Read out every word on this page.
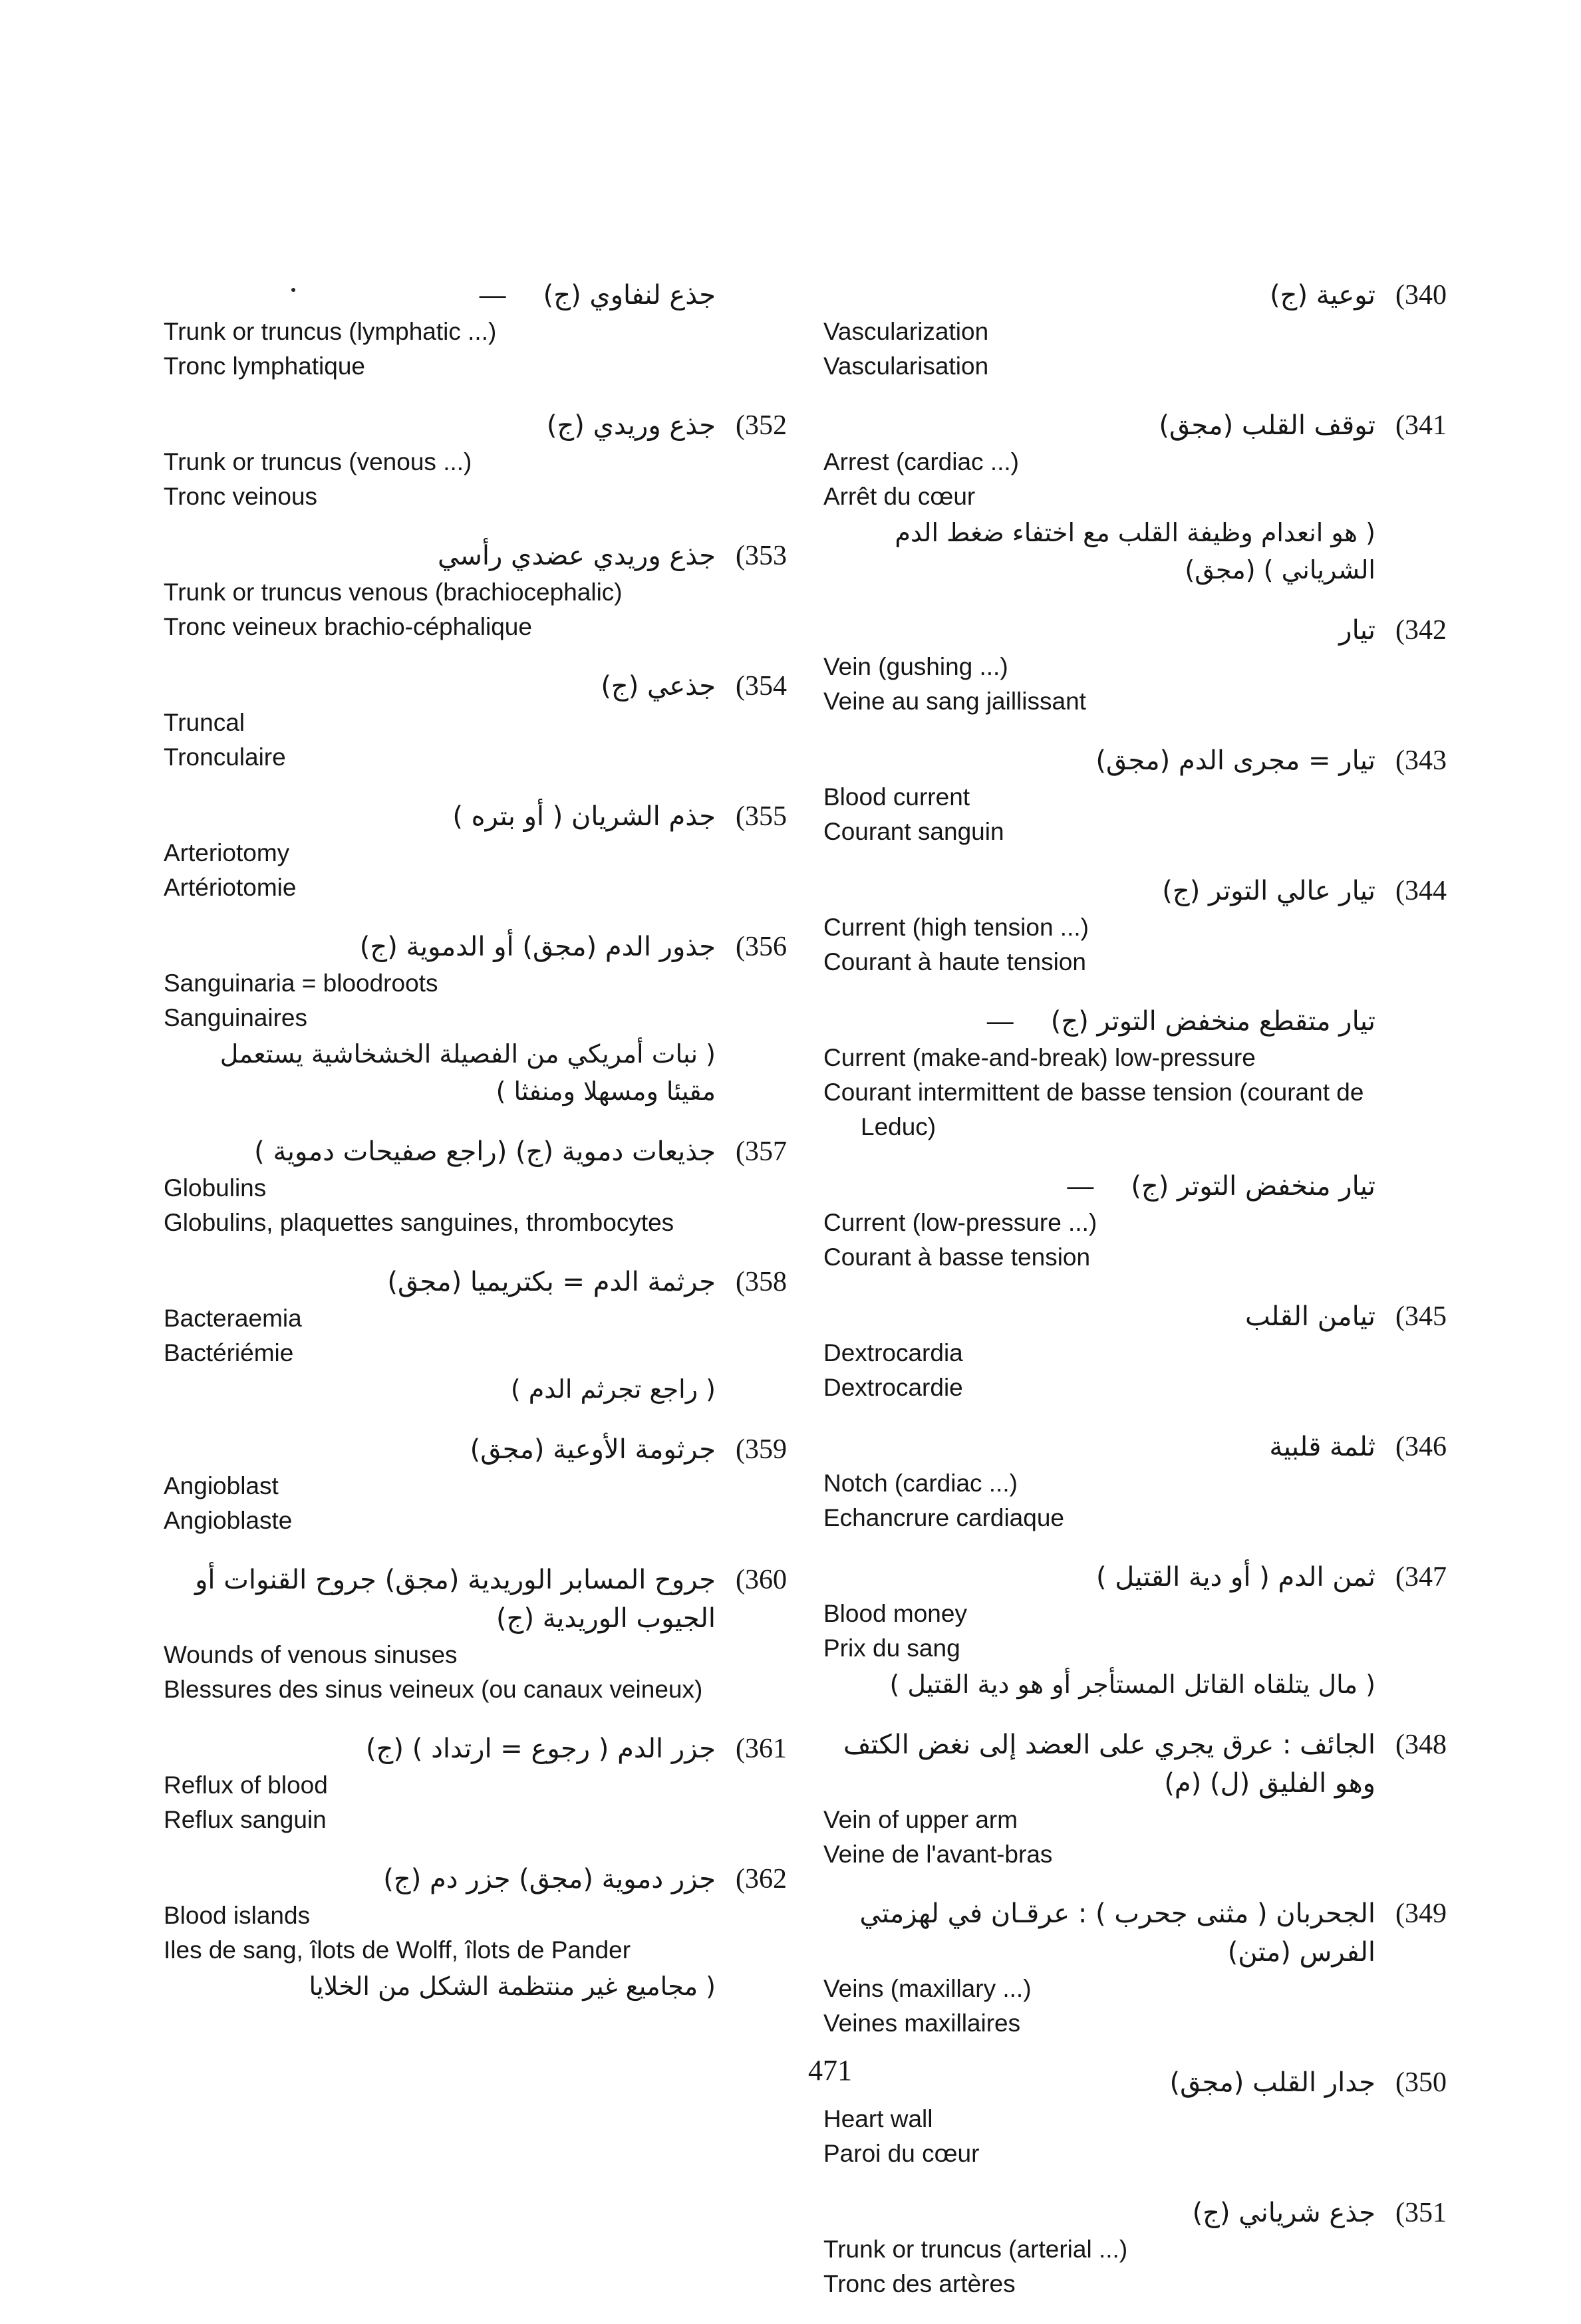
جذع لنفاوي (ج)—
Trunk or truncus (lymphatic ...)
Tronc lymphatique
(352
جذع وريدي (ج)
Trunk or truncus (venous ...)
Tronc veinous
(353
جذع وريدي عضدي رأسي
Trunk or truncus venous (brachiocephalic)
Tronc veineux brachio-céphalique
(354
جذعي (ج)
Truncal
Tronculaire
(355
جذم الشريان ( أو بتره )
Arteriotomy
Artériotomie
(356
جذور الدم (مجق) أو الدموية (ج)
Sanguinaria = bloodroots
Sanguinaires
( نبات أمريكي من الفصيلة الخشخاشية يستعمل مقيئا ومسهلا ومنفثا )
(357
جذيعات دموية (ج) (راجع صفيحات دموية )
Globulins
Globulins, plaquettes sanguines, thrombocytes
(358
جرثمة الدم = بكتريميا (مجق)
Bacteraemia
Bactériémie
( راجع تجرثم الدم )
(359
جرثومة الأوعية (مجق)
Angioblast
Angioblaste
(360
جروح المسابر الوريدية (مجق) جروح القنوات أو الجيوب الوريدية (ج)
Wounds of venous sinuses
Blessures des sinus veineux (ou canaux veineux)
(361
جزر الدم ( رجوع = ارتداد ) (ج)
Reflux of blood
Reflux sanguin
(362
جزر دموية (مجق) جزر دم (ج)
Blood islands
Iles de sang, îlots de Wolff, îlots de Pander
( مجاميع غير منتظمة الشكل من الخلايا
(340
توعية (ج)
Vascularization
Vascularisation
(341
توقف القلب (مجق)
Arrest (cardiac ...)
Arrêt du cœur
( هو انعدام وظيفة القلب مع اختفاء ضغط الدم الشرياني ) (مجق)
(342
تيار
Vein (gushing ...)
Veine au sang jaillissant
(343
تيار = مجرى الدم (مجق)
Blood current
Courant sanguin
(344
تيار عالي التوتر (ج)
Current (high tension ...)
Courant à haute tension
تيار متقطع منخفض التوتر (ج)—
Current (make-and-break) low-pressure
Courant intermittent de basse tension (courant de Leduc)
تيار منخفض التوتر (ج)—
Current (low-pressure ...)
Courant à basse tension
(345
تيامن القلب
Dextrocardia
Dextrocardie
(346
ثلمة قلبية
Notch (cardiac ...)
Echancrure cardiaque
(347
ثمن الدم ( أو دية القتيل )
Blood money
Prix du sang
( مال يتلقاه القاتل المستأجر أو هو دية القتيل )
(348
الجائف : عرق يجري على العضد إلى نغض الكتف وهو الفليق (ل) (م)
Vein of upper arm
Veine de l'avant-bras
(349
الجحربان ( مثنى جحرب ) : عرقـان في لهزمتي الفرس (متن)
Veins (maxillary ...)
Veines maxillaires
(350
جدار القلب (مجق)
Heart wall
Paroi du cœur
(351
جذع شرياني (ج)
Trunk or truncus (arterial ...)
Tronc des artères
471
